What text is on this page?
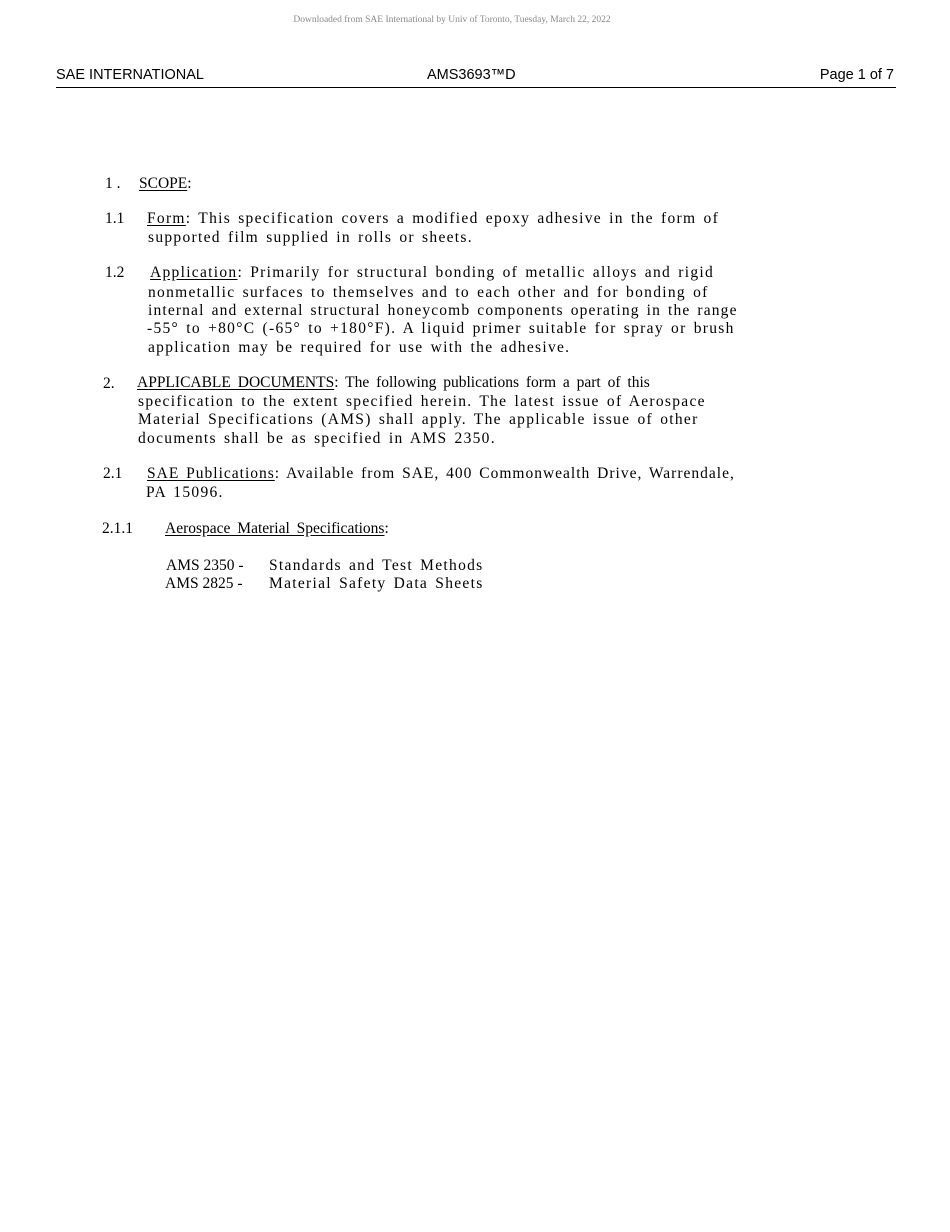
Downloaded from SAE International by Univ of Toronto, Tuesday, March 22, 2022
SAE INTERNATIONAL	AMS3693™D	Page 1 of 7
1 . SCOPE:
1.1 Form: This specification covers a modified epoxy adhesive in the form of
supported film supplied in rolls or sheets.
1.2 Application: Primarily for structural bonding of metallic alloys and rigid
nonmetallic surfaces to themselves and to each other and for bonding of
internal and external structural honeycomb components operating in the range
-55° to +80°C (-65° to +180°F). A liquid primer suitable for spray or brush
application may be required for use with the adhesive.
2. APPLICABLE DOCUMENTS: The following publications form a part of this
specification to the extent specified herein. The latest issue of Aerospace
Material Specifications (AMS) shall apply. The applicable issue of other
documents shall be as specified in AMS 2350.
2.1 SAE Publications: Available from SAE, 400 Commonwealth Drive, Warrendale,
PA 15096.
2.1.1 Aerospace Material Specifications:
AMS 2350 - Standards and Test Methods
AMS 2825 - Material Safety Data Sheets
